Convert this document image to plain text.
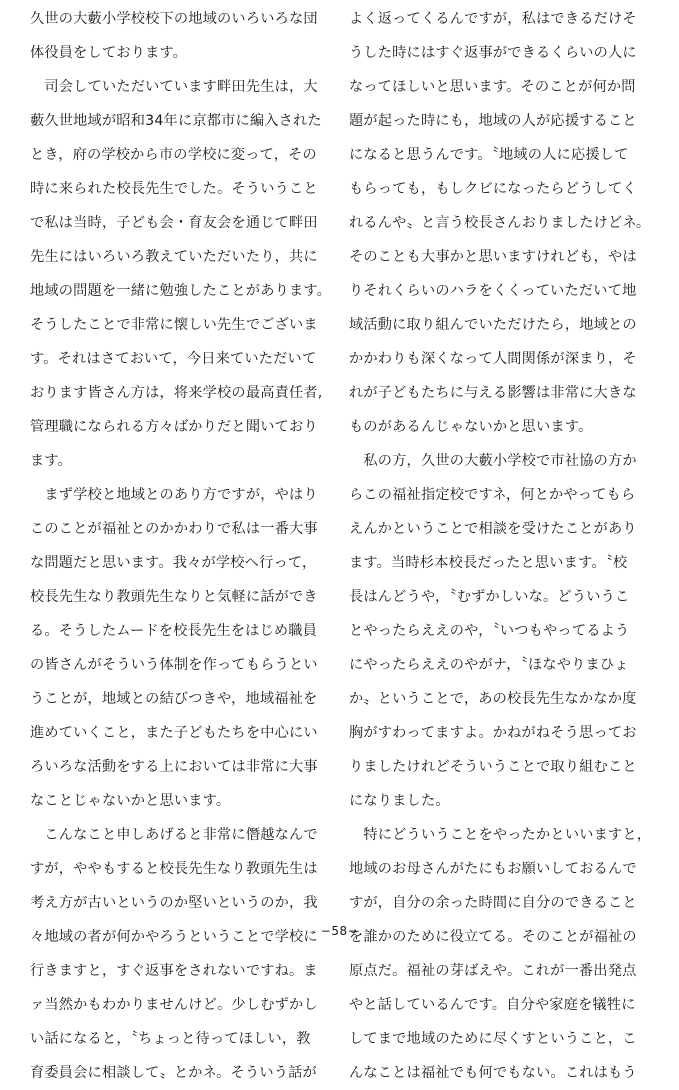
久世の大藪小学校校下の地域のいろいろな団
体役員をしております。
　司会していただいています畔田先生は，大
藪久世地域が昭和34年に京都市に編入された
とき，府の学校から市の学校に変って，その
時に来られた校長先生でした。そういうこと
で私は当時，子ども会・育友会を通じて畔田
先生にはいろいろ教えていただいたり，共に
地域の問題を一緒に勉強したことがあります。
そうしたことで非常に懐しい先生でございま
す。それはさておいて，今日来ていただいて
おります皆さん方は，将来学校の最高責任者,
管理職になられる方々ばかりだと聞いており
ます。
　まず学校と地域とのあり方ですが，やはり
このことが福祉とのかかわりで私は一番大事
な問題だと思います。我々が学校へ行って，
校長先生なり教頭先生なりと気軽に話ができ
る。そうしたムードを校長先生をはじめ職員
の皆さんがそういう体制を作ってもらうとい
うことが，地域との結びつきや，地域福祉を
進めていくこと，また子どもたちを中心にい
ろいろな活動をする上においては非常に大事
なことじゃないかと思います。
　こんなこと申しあげると非常に僭越なんで
すが，ややもすると校長先生なり教頭先生は
考え方が古いというのか堅いというのか，我
々地域の者が何かやろうということで学校に
行きますと，すぐ返事をされないですね。ま
ァ当然かもわかりませんけど。少しむずかし
い話になると，〝ちょっと待ってほしい，教
育委員会に相談して〟とかネ。そういう話が
よく返ってくるんですが，私はできるだけそ
うした時にはすぐ返事ができるくらいの人に
なってほしいと思います。そのことが何か問
題が起った時にも，地域の人が応援すること
になると思うんです。〝地域の人に応援して
もらっても，もしクビになったらどうしてく
れるんや〟と言う校長さんおりましたけどネ。
そのことも大事かと思いますけれども，やは
りそれくらいのハラをくくっていただいて地
域活動に取り組んでいただけたら，地域との
かかわりも深くなって人間関係が深まり，そ
れが子どもたちに与える影響は非常に大きな
ものがあるんじゃないかと思います。
　私の方，久世の大藪小学校で市社協の方か
らこの福祉指定校ですネ，何とかやってもら
えんかということで相談を受けたことがあり
ます。当時杉本校長だったと思います。〝校
長はんどうや，〝むずかしいな。どういうこ
とやったらええのや，〝いつもやってるよう
にやったらええのやがナ，〝ほなやりまひょ
か〟ということで，あの校長先生なかなか度
胸がすわってますよ。かねがねそう思ってお
りましたけれどそういうことで取り組むこと
になりました。
　特にどういうことをやったかといいますと，
地域のお母さんがたにもお願いしておるんで
すが，自分の余った時間に自分のできること
を誰かのために役立てる。そのことが福祉の
原点だ。福祉の芽ばえや。これが一番出発点
やと話しているんです。自分や家庭を犠牲に
してまで地域のために尽くすということ，こ
んなことは福祉でも何でもない。これはもう
−58−
